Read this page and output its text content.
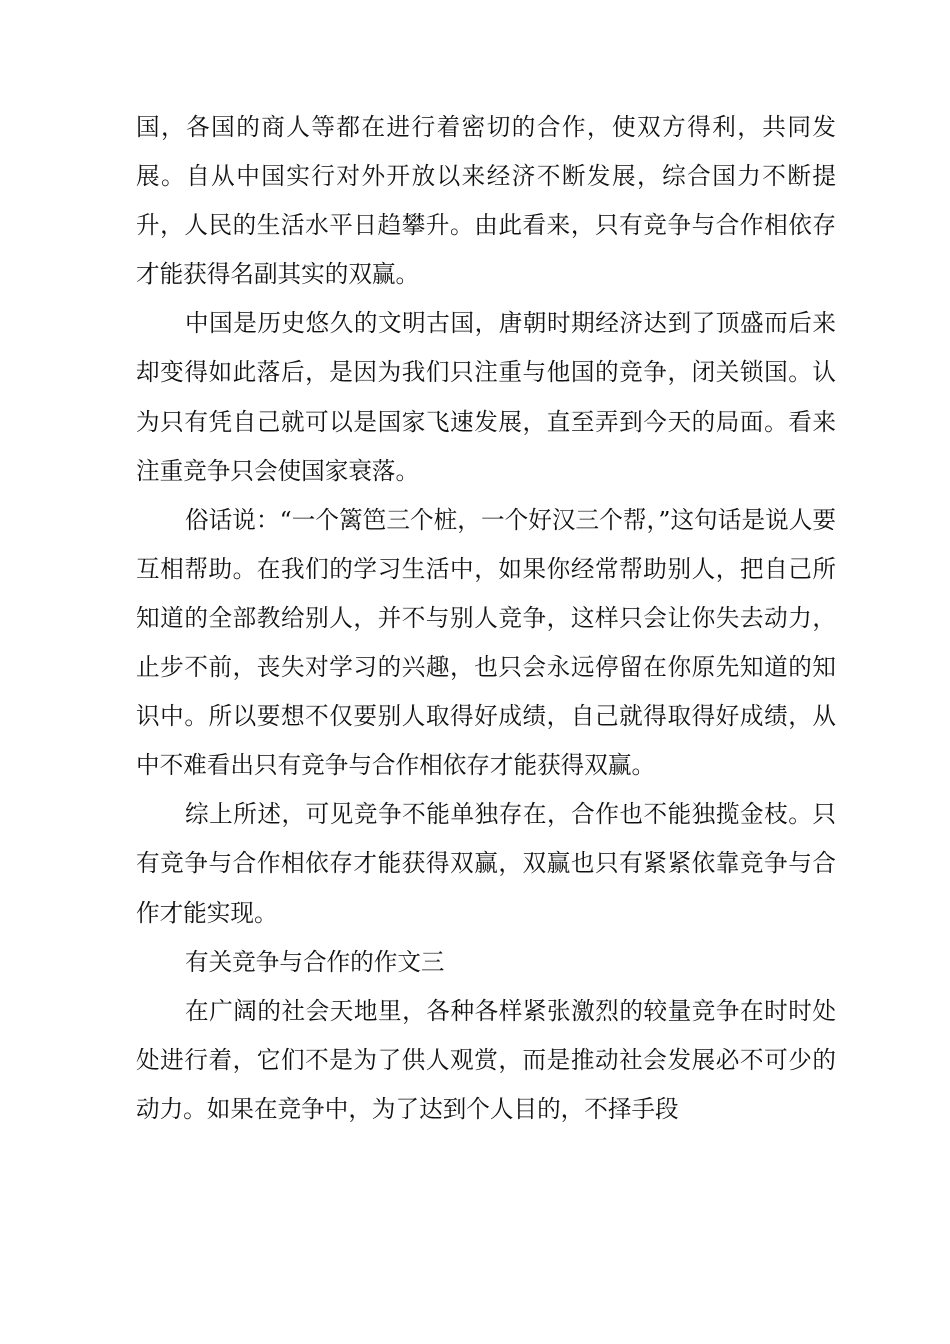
国，各国的商人等都在进行着密切的合作，使双方得利，共同发展。自从中国实行对外开放以来经济不断发展，综合国力不断提升，人民的生活水平日趋攀升。由此看来，只有竞争与合作相依存才能获得名副其实的双赢。

中国是历史悠久的文明古国，唐朝时期经济达到了顶盛而后来却变得如此落后，是因为我们只注重与他国的竞争，闭关锁国。认为只有凭自己就可以是国家飞速发展，直至弄到今天的局面。看来注重竞争只会使国家衰落。

俗话说：“一个篱笆三个桩，一个好汉三个帮，”这句话是说人要互相帮助。在我们的学习生活中，如果你经常帮助别人，把自己所知道的全部教给别人，并不与别人竞争，这样只会让你失去动力，止步不前，丧失对学习的兴趣，也只会永远停留在你原先知道的知识中。所以要想不仅要别人取得好成绩，自己就得取得好成绩，从中不难看出只有竞争与合作相依存才能获得双赢。

综上所述，可见竞争不能单独存在，合作也不能独揽金枝。只有竞争与合作相依存才能获得双赢，双赢也只有紧紧依靠竞争与合作才能实现。

有关竞争与合作的作文三

在广阔的社会天地里，各种各样紧张激烈的较量竞争在时时处处进行着，它们不是为了供人观赏，而是推动社会发展必不可少的动力。如果在竞争中，为了达到个人目的，不择手段
